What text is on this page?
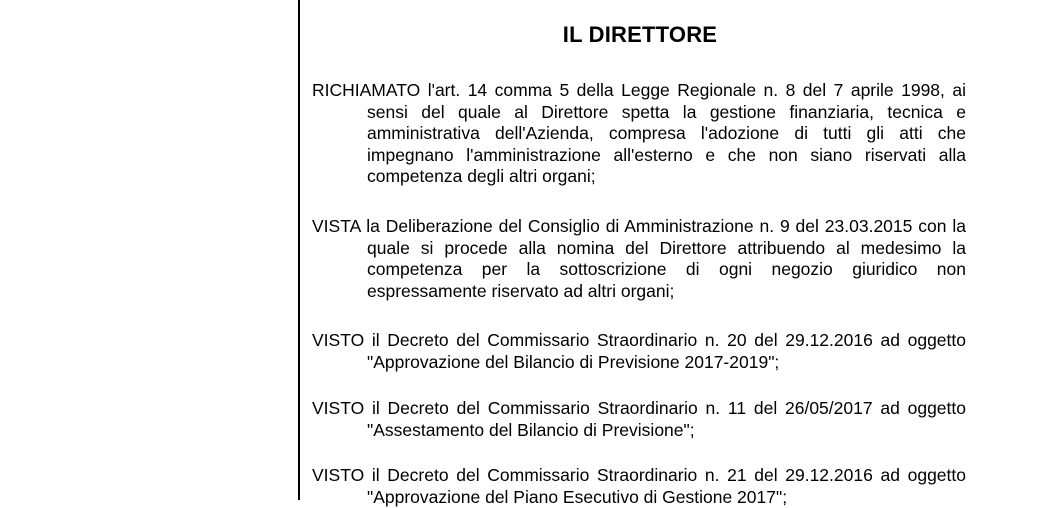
IL DIRETTORE

RICHIAMATO l'art. 14 comma 5 della Legge Regionale n. 8 del 7 aprile 1998, ai sensi del quale al Direttore spetta la gestione finanziaria, tecnica e amministrativa dell'Azienda, compresa l'adozione di tutti gli atti che impegnano l'amministrazione all'esterno e che non siano riservati alla competenza degli altri organi;

VISTA la Deliberazione del Consiglio di Amministrazione n. 9 del 23.03.2015 con la quale si procede alla nomina del Direttore attribuendo al medesimo la competenza per la sottoscrizione di ogni negozio giuridico non espressamente riservato ad altri organi;

VISTO il Decreto del Commissario Straordinario n. 20 del 29.12.2016 ad oggetto "Approvazione del Bilancio di Previsione 2017-2019";

VISTO il Decreto del Commissario Straordinario n. 11 del 26/05/2017 ad oggetto "Assestamento del Bilancio di Previsione";

VISTO il Decreto del Commissario Straordinario n. 21 del 29.12.2016 ad oggetto "Approvazione del Piano Esecutivo di Gestione 2017";
